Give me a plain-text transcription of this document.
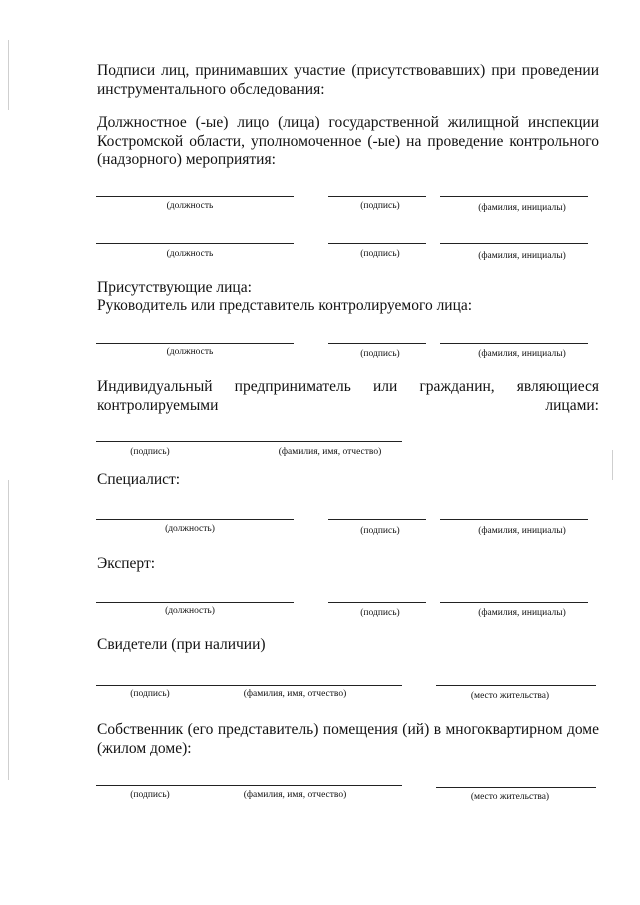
Подписи лиц, принимавших участие (присутствовавших) при проведении инструментального обследования:
Должностное (-ые) лицо (лица) государственной жилищной инспекции Костромской области, уполномоченное (-ые) на проведение контрольного (надзорного) мероприятия:
(должность	(подпись)	(фамилия, инициалы)
(должность	(подпись)	(фамилия, инициалы)
Присутствующие лица:
Руководитель или представитель контролируемого лица:
(должность	(подпись)	(фамилия, инициалы)
Индивидуальный предприниматель или гражданин, являющиеся контролируемыми лицами:
(подпись)	(фамилия, имя, отчество)
Специалист:
(должность)	(подпись)	(фамилия, инициалы)
Эксперт:
(должность)	(подпись)	(фамилия, инициалы)
Свидетели (при наличии)
(подпись)	(фамилия, имя, отчество)	(место жительства)
Собственник (его представитель) помещения (ий) в многоквартирном доме (жилом доме):
(подпись)	(фамилия, имя, отчество)	(место жительства)
